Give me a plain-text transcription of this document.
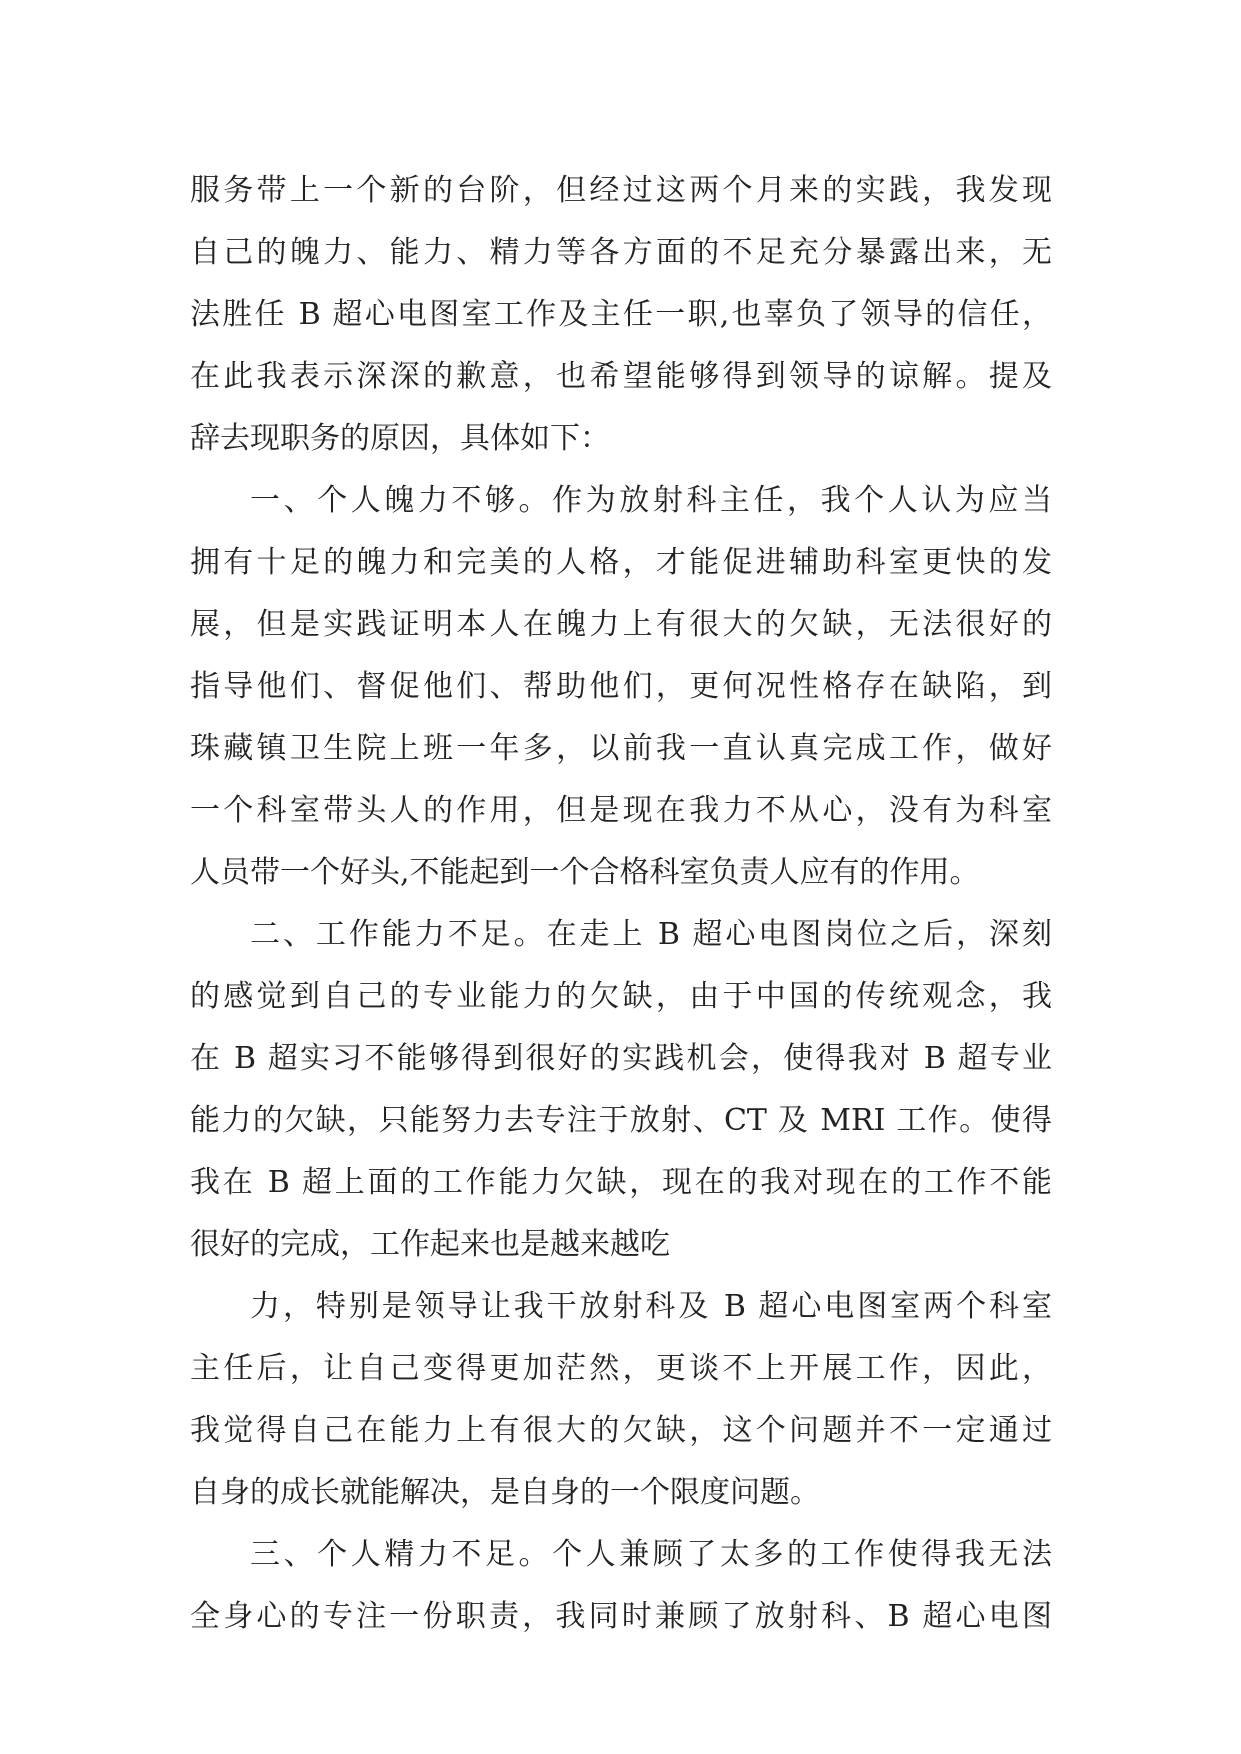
服务带上一个新的台阶，但经过这两个月来的实践，我发现
自己的魄力、能力、精力等各方面的不足充分暴露出来，无
法胜任 B 超心电图室工作及主任一职,也辜负了领导的信任，
在此我表示深深的歉意，也希望能够得到领导的谅解。提及
辞去现职务的原因，具体如下：
一、个人魄力不够。作为放射科主任，我个人认为应当
拥有十足的魄力和完美的人格，才能促进辅助科室更快的发
展，但是实践证明本人在魄力上有很大的欠缺，无法很好的
指导他们、督促他们、帮助他们，更何况性格存在缺陷，到
珠藏镇卫生院上班一年多，以前我一直认真完成工作，做好
一个科室带头人的作用，但是现在我力不从心，没有为科室
人员带一个好头,不能起到一个合格科室负责人应有的作用。
二、工作能力不足。在走上 B 超心电图岗位之后，深刻
的感觉到自己的专业能力的欠缺，由于中国的传统观念，我
在 B 超实习不能够得到很好的实践机会，使得我对 B 超专业
能力的欠缺，只能努力去专注于放射、CT 及 MRI 工作。使得
我在 B 超上面的工作能力欠缺，现在的我对现在的工作不能
很好的完成，工作起来也是越来越吃
力，特别是领导让我干放射科及 B 超心电图室两个科室
主任后，让自己变得更加茫然，更谈不上开展工作，因此，
我觉得自己在能力上有很大的欠缺，这个问题并不一定通过
自身的成长就能解决，是自身的一个限度问题。
三、个人精力不足。个人兼顾了太多的工作使得我无法
全身心的专注一份职责，我同时兼顾了放射科、B 超心电图
